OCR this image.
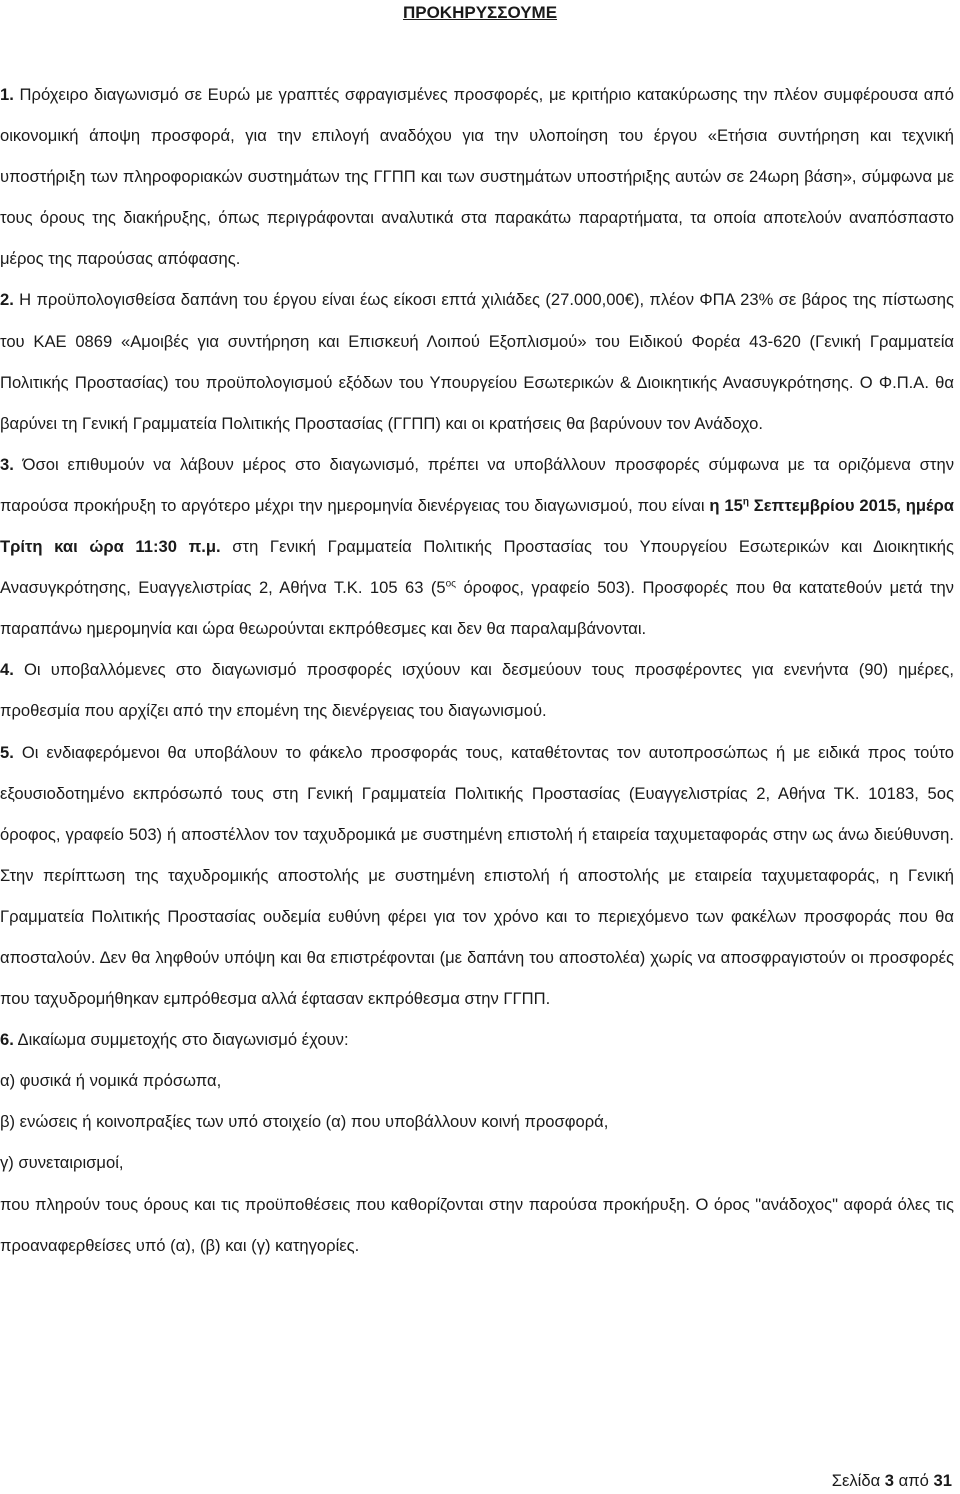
ΠΡΟΚΗΡΥΣΣΟΥΜΕ

1. Πρόχειρο διαγωνισμό σε Ευρώ με γραπτές σφραγισμένες προσφορές, με κριτήριο κατακύρωσης την πλέον συμφέρουσα από οικονομική άποψη προσφορά, για την επιλογή αναδόχου για την υλοποίηση του έργου «Ετήσια συντήρηση και τεχνική υποστήριξη των πληροφοριακών συστημάτων της ΓΓΠΠ και των συστημάτων υποστήριξης αυτών σε 24ωρη βάση», σύμφωνα με τους όρους της διακήρυξης, όπως περιγράφονται αναλυτικά στα παρακάτω παραρτήματα, τα οποία αποτελούν αναπόσπαστο μέρος της παρούσας απόφασης.

2. Η προϋπολογισθείσα δαπάνη του έργου είναι έως είκοσι επτά χιλιάδες (27.000,00€), πλέον ΦΠΑ 23% σε βάρος της πίστωσης του ΚΑΕ 0869 «Αμοιβές για συντήρηση και Επισκευή Λοιπού Εξοπλισμού» του Ειδικού Φορέα 43-620 (Γενική Γραμματεία Πολιτικής Προστασίας) του προϋπολογισμού εξόδων του Υπουργείου Εσωτερικών & Διοικητικής Ανασυγκρότησης. Ο Φ.Π.Α. θα βαρύνει τη Γενική Γραμματεία Πολιτικής Προστασίας (ΓΓΠΠ) και οι κρατήσεις θα βαρύνουν τον Ανάδοχο.

3. Όσοι επιθυμούν να λάβουν μέρος στο διαγωνισμό, πρέπει να υποβάλλουν προσφορές σύμφωνα με τα οριζόμενα στην παρούσα προκήρυξη το αργότερο μέχρι την ημερομηνία διενέργειας του διαγωνισμού, που είναι η $15^\eta$ Σεπτεμβρίου 2015, ημέρα Τρίτη και ώρα 11:30 π.μ. στη Γενική Γραμματεία Πολιτικής Προστασίας του Υπουργείου Εσωτερικών και Διοικητικής Ανασυγκρότησης, Ευαγγελιστρίας 2, Αθήνα Τ.Κ. 105 63 ($5^{o\varsigma}$ όροφος, γραφείο 503). Προσφορές που θα κατατεθούν μετά την παραπάνω ημερομηνία και ώρα θεωρούνται εκπρόθεσμες και δεν θα παραλαμβάνονται.

4. Οι υποβαλλόμενες στο διαγωνισμό προσφορές ισχύουν και δεσμεύουν τους προσφέροντες για ενενήντα (90) ημέρες, προθεσμία που αρχίζει από την επομένη της διενέργειας του διαγωνισμού.

5. Οι ενδιαφερόμενοι θα υποβάλουν το φάκελο προσφοράς τους, καταθέτοντας τον αυτοπροσώπως ή με ειδικά προς τούτο εξουσιοδοτημένο εκπρόσωπό τους στη Γενική Γραμματεία Πολιτικής Προστασίας (Ευαγγελιστρίας 2, Αθήνα ΤΚ. 10183, 5ος όροφος, γραφείο 503) ή αποστέλλον τον ταχυδρομικά με συστημένη επιστολή ή εταιρεία ταχυμεταφοράς στην ως άνω διεύθυνση. Στην περίπτωση της ταχυδρομικής αποστολής με συστημένη επιστολή ή αποστολής με εταιρεία ταχυμεταφοράς, η Γενική Γραμματεία Πολιτικής Προστασίας ουδεμία ευθύνη φέρει για τον χρόνο και το περιεχόμενο των φακέλων προσφοράς που θα αποσταλούν. Δεν θα ληφθούν υπόψη και θα επιστρέφονται (με δαπάνη του αποστολέα) χωρίς να αποσφραγιστούν οι προσφορές που ταχυδρομήθηκαν εμπρόθεσμα αλλά έφτασαν εκπρόθεσμα στην ΓΓΠΠ.

6. Δικαίωμα συμμετοχής στο διαγωνισμό έχουν:

α) φυσικά ή νομικά πρόσωπα,

β) ενώσεις ή κοινοπραξίες των υπό στοιχείο (α) που υποβάλλουν κοινή προσφορά,

γ) συνεταιρισμοί,

που πληρούν τους όρους και τις προϋποθέσεις που καθορίζονται στην παρούσα προκήρυξη. Ο όρος "ανάδοχος" αφορά όλες τις προαναφερθείσες υπό (α), (β) και (γ) κατηγορίες.

Σελίδα 3 από 31
